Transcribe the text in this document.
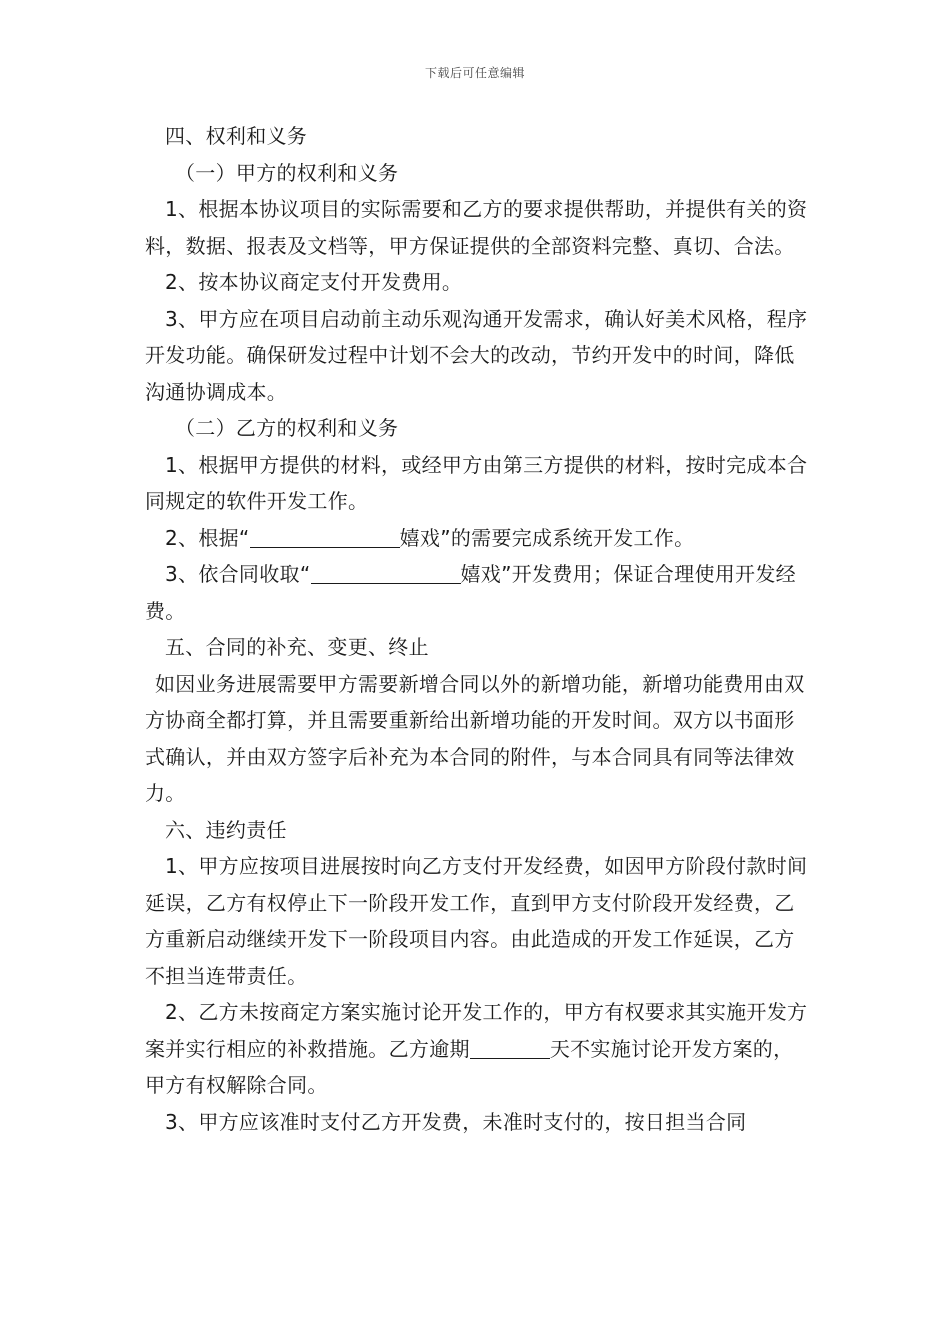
下载后可任意编辑

四、权利和义务

（一）甲方的权利和义务

1、根据本协议项目的实际需要和乙方的要求提供帮助，并提供有关的资料，数据、报表及文档等，甲方保证提供的全部资料完整、真切、合法。

2、按本协议商定支付开发费用。

3、甲方应在项目启动前主动乐观沟通开发需求，确认好美术风格，程序开发功能。确保研发过程中计划不会大的改动，节约开发中的时间，降低沟通协调成本。

（二）乙方的权利和义务

1、根据甲方提供的材料，或经甲方由第三方提供的材料，按时完成本合同规定的软件开发工作。

2、根据“	嬉戏”的需要完成系统开发工作。

3、依合同收取“	嬉戏”开发费用；保证合理使用开发经费。

五、合同的补充、变更、终止

如因业务进展需要甲方需要新增合同以外的新增功能，新增功能费用由双方协商全都打算，并且需要重新给出新增功能的开发时间。双方以书面形式确认，并由双方签字后补充为本合同的附件，与本合同具有同等法律效力。

六、违约责任

1、甲方应按项目进展按时向乙方支付开发经费，如因甲方阶段付款时间延误，乙方有权停止下一阶段开发工作，直到甲方支付阶段开发经费，乙方重新启动继续开发下一阶段项目内容。由此造成的开发工作延误，乙方不担当连带责任。

2、乙方未按商定方案实施讨论开发工作的，甲方有权要求其实施开发方案并实行相应的补救措施。乙方逾期	天不实施讨论开发方案的，甲方有权解除合同。

3、甲方应该准时支付乙方开发费，未准时支付的，按日担当合同
